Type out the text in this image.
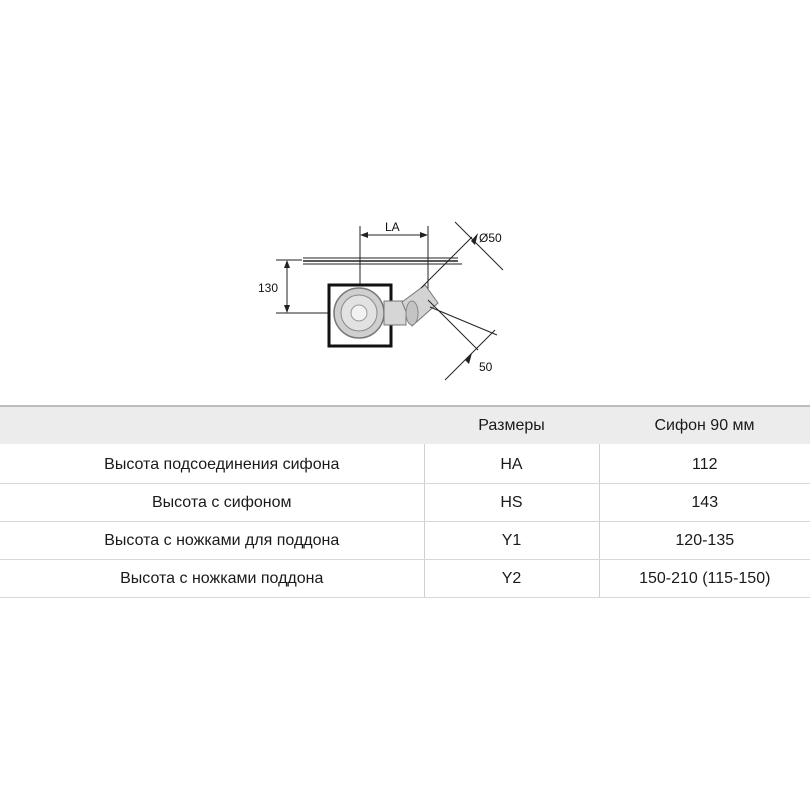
130
LA
Ø50
50
	Размеры	Сифон 90 мм
Высота подсоединения сифона	HA	112
Высота с сифоном	HS	143
Высота с ножками для поддона	Y1	120-135
Высота с ножками поддона	Y2	150-210 (115-150)
